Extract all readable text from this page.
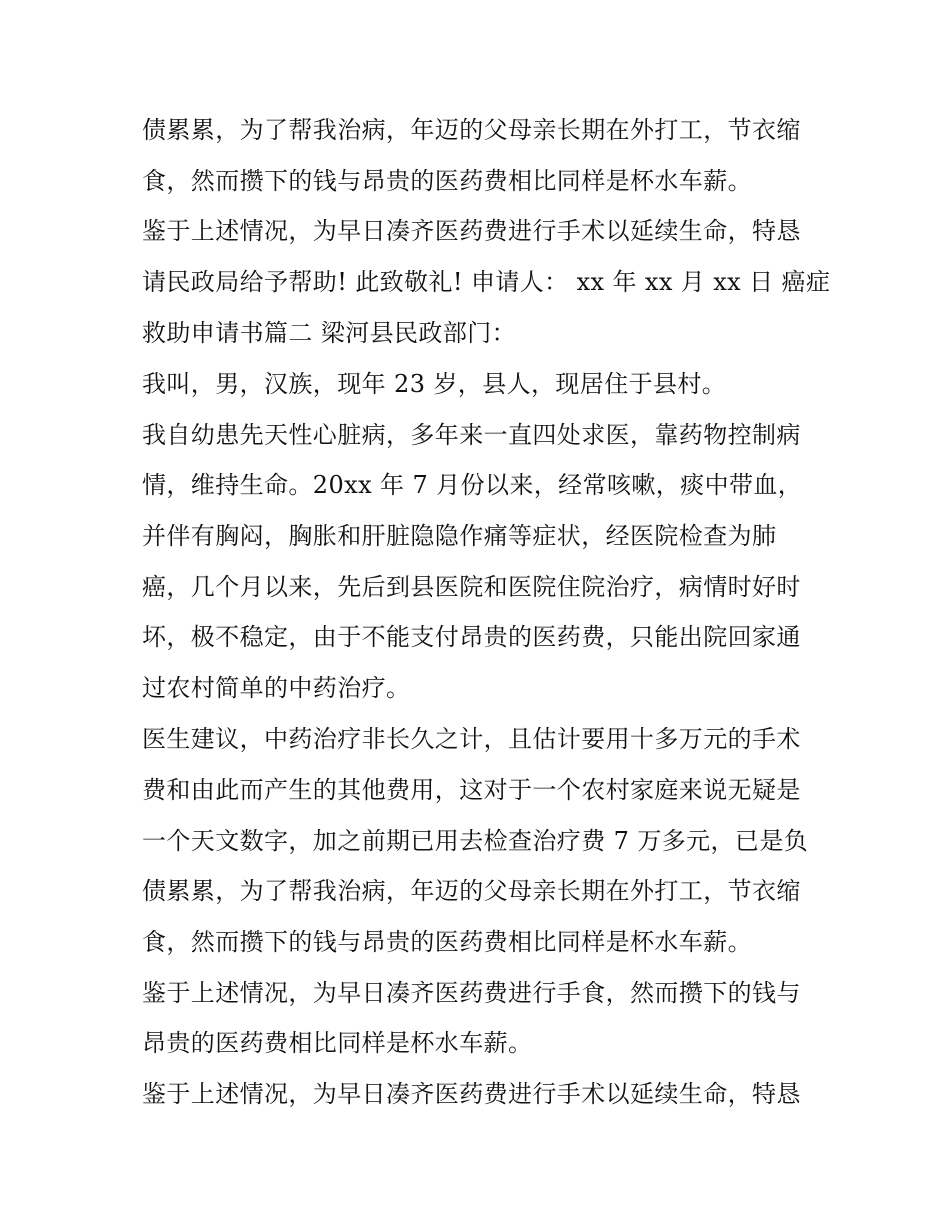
债累累，为了帮我治病，年迈的父母亲长期在外打工，节衣缩
食，然而攒下的钱与昂贵的医药费相比同样是杯水车薪。
鉴于上述情况，为早日凑齐医药费进行手术以延续生命，特恳
请民政局给予帮助! 此致敬礼! 申请人： xx 年 xx 月 xx 日 癌症
救助申请书篇二 梁河县民政部门：
我叫，男，汉族，现年 23 岁，县人，现居住于县村。
我自幼患先天性心脏病，多年来一直四处求医，靠药物控制病
情，维持生命。20xx 年 7 月份以来，经常咳嗽，痰中带血，
并伴有胸闷，胸胀和肝脏隐隐作痛等症状，经医院检查为肺
癌，几个月以来，先后到县医院和医院住院治疗，病情时好时
坏，极不稳定，由于不能支付昂贵的医药费，只能出院回家通
过农村简单的中药治疗。
医生建议，中药治疗非长久之计，且估计要用十多万元的手术
费和由此而产生的其他费用，这对于一个农村家庭来说无疑是
一个天文数字，加之前期已用去检查治疗费 7 万多元，已是负
债累累，为了帮我治病，年迈的父母亲长期在外打工，节衣缩
食，然而攒下的钱与昂贵的医药费相比同样是杯水车薪。
鉴于上述情况，为早日凑齐医药费进行手食，然而攒下的钱与
昂贵的医药费相比同样是杯水车薪。
鉴于上述情况，为早日凑齐医药费进行手术以延续生命，特恳
